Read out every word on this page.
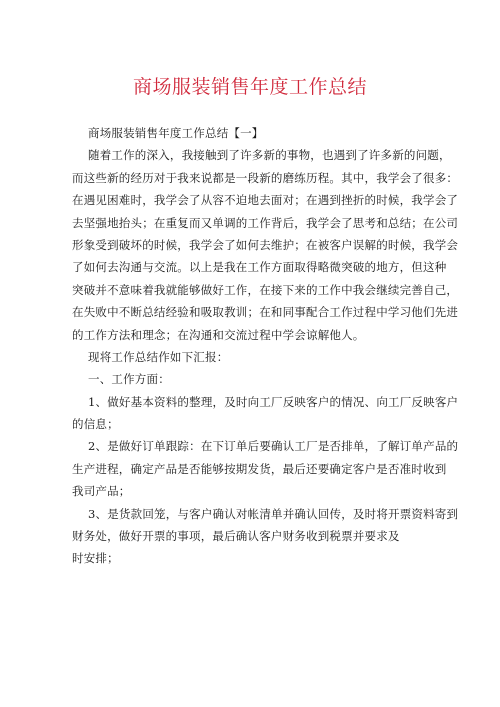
商场服装销售年度工作总结
商场服装销售年度工作总结【一】
随着工作的深入，我接触到了许多新的事物，也遇到了许多新的问题，
而这些新的经历对于我来说都是一段新的磨练历程。其中，我学会了很多：
在遇见困难时，我学会了从容不迫地去面对；在遇到挫折的时候，我学会了
去坚强地抬头；在重复而又单调的工作背后，我学会了思考和总结；在公司
形象受到破坏的时候，我学会了如何去维护；在被客户误解的时候，我学会
了如何去沟通与交流。以上是我在工作方面取得略微突破的地方，但这种
突破并不意味着我就能够做好工作，在接下来的工作中我会继续完善自己，
在失败中不断总结经验和吸取教训；在和同事配合工作过程中学习他们先进
的工作方法和理念；在沟通和交流过程中学会谅解他人。
现将工作总结作如下汇报：
一、工作方面：
1、做好基本资料的整理，及时向工厂反映客户的情况、向工厂反映客户
的信息；
2、是做好订单跟踪：在下订单后要确认工厂是否排单，了解订单产品的
生产进程，确定产品是否能够按期发货，最后还要确定客户是否准时收到
我司产品；
3、是货款回笼，与客户确认对帐清单并确认回传，及时将开票资料寄到
财务处，做好开票的事项，最后确认客户财务收到税票并要求及
时安排；
